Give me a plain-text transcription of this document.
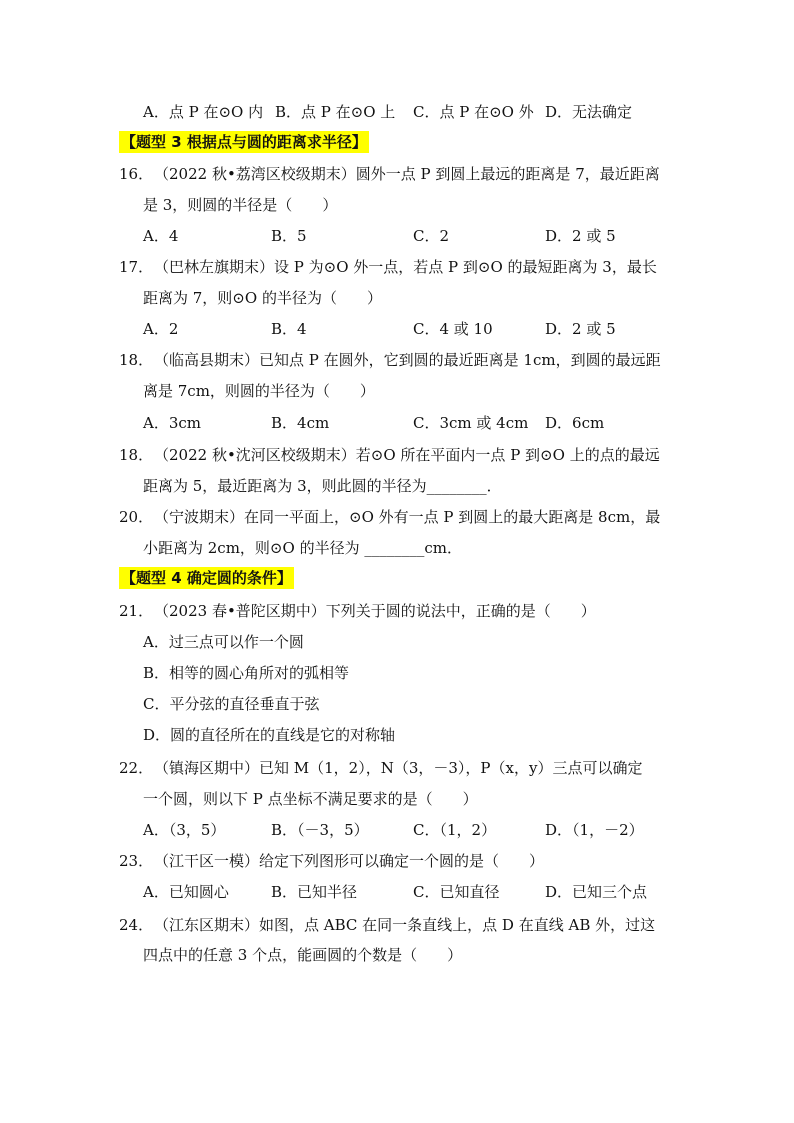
A．点 P 在⊙O 内 B．点 P 在⊙O 上 C．点 P 在⊙O 外 D．无法确定
【题型 3 根据点与圆的距离求半径】
16． （2022 秋•荔湾区校级期末）圆外一点 P 到圆上最远的距离是 7，最近距离
是 3，则圆的半径是（　　）
A．4	B．5	C．2	D．2 或 5
17． （巴林左旗期末）设 P 为⊙O 外一点，若点 P 到⊙O 的最短距离为 3，最长
距离为 7，则⊙O 的半径为（　　）
A．2	B．4	C．4 或 10	D．2 或 5
18． （临高县期末）已知点 P 在圆外，它到圆的最近距离是 1cm，到圆的最远距
离是 7cm，则圆的半径为（　　）
A．3cm	B．4cm	C．3cm 或 4cm D．6cm
18． （2022 秋•沈河区校级期末）若⊙O 所在平面内一点 P 到⊙O 上的点的最远
距离为 5，最近距离为 3，则此圆的半径为________．
20． （宁波期末）在同一平面上，⊙O 外有一点 P 到圆上的最大距离是 8cm，最
小距离为 2cm，则⊙O 的半径为 ________cm．
【题型 4 确定圆的条件】
21． （2023 春•普陀区期中）下列关于圆的说法中，正确的是（　　）
A．过三点可以作一个圆
B．相等的圆心角所对的弧相等
C．平分弦的直径垂直于弦
D．圆的直径所在的直线是它的对称轴
22． （镇海区期中）已知 M（1，2），N（3，－3），P（x，y）三点可以确定
一个圆，则以下 P 点坐标不满足要求的是（　　）
A．（3，5）	B．（－3，5）	C．（1，2）	D．（1，－2）
23． （江干区一模）给定下列图形可以确定一个圆的是（　　）
A．已知圆心	B．已知半径	C．已知直径	D．已知三个点
24． （江东区期末）如图，点 ABC 在同一条直线上，点 D 在直线 AB 外，过这
四点中的任意 3 个点，能画圆的个数是（　　）
